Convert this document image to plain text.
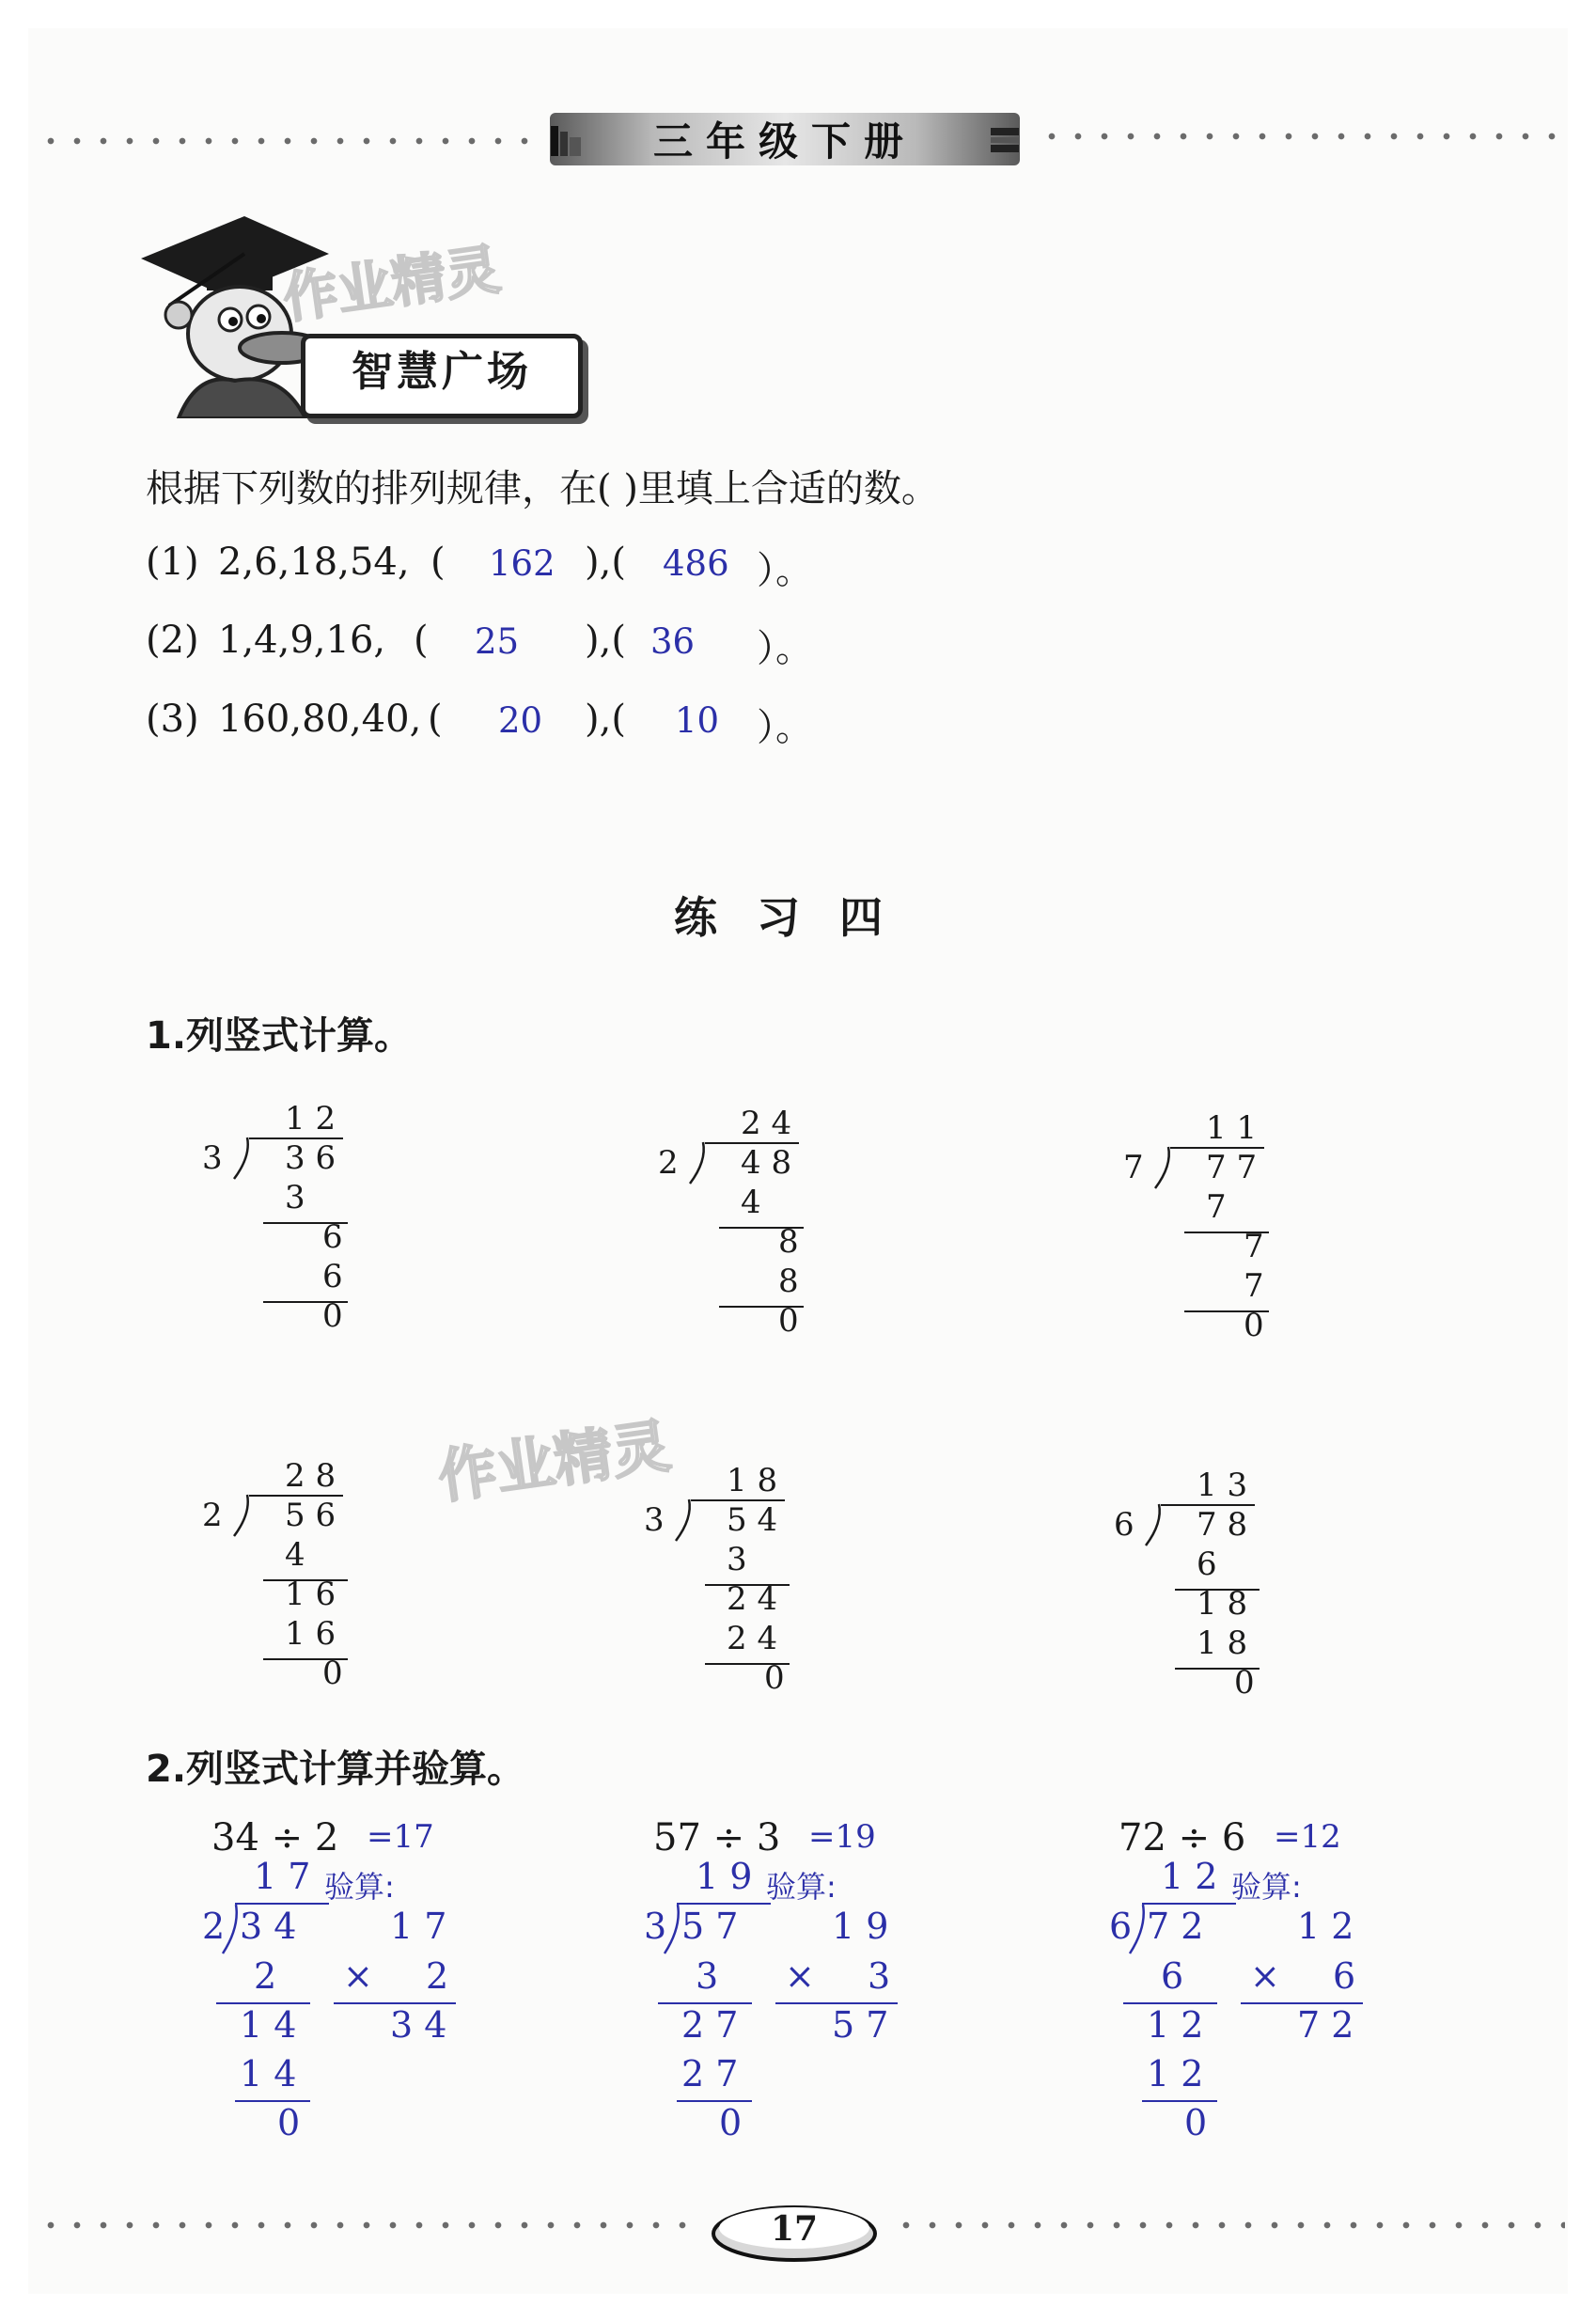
三年级下册
智慧广场
作业精灵
作业精灵
根据下列数的排列规律，在( )里填上合适的数。
(1) 2,6,18,54, ( 162 ),( 486 ）。
(2) 1,4,9,16, ( 25 ),( 36 ）。
(3) 160,80,40, ( 20 ),( 10 ）。
练习四
1.列竖式计算。
1 2
3 3 6
3
6
6
0
2 4
2 4 8
4
8
8
0
1 1
7 7 7
7
7
7
0
2 8
2 5 6
4
1 6
1 6
0
1 8
3 5 4
3
2 4
2 4
0
1 3
6 7 8
6
1 8
1 8
0
2.列竖式计算并验算。
34 ÷ 2 =17
1 7 验算:
2 3 4
2
1 4
1 4
0
1 7
× 2
3 4
57 ÷ 3 =19
1 9 验算:
3 5 7
3
2 7
2 7
0
1 9
× 3
5 7
72 ÷ 6 =12
1 2 验算:
6 7 2
6
1 2
1 2
0
1 2
× 6
7 2
17
